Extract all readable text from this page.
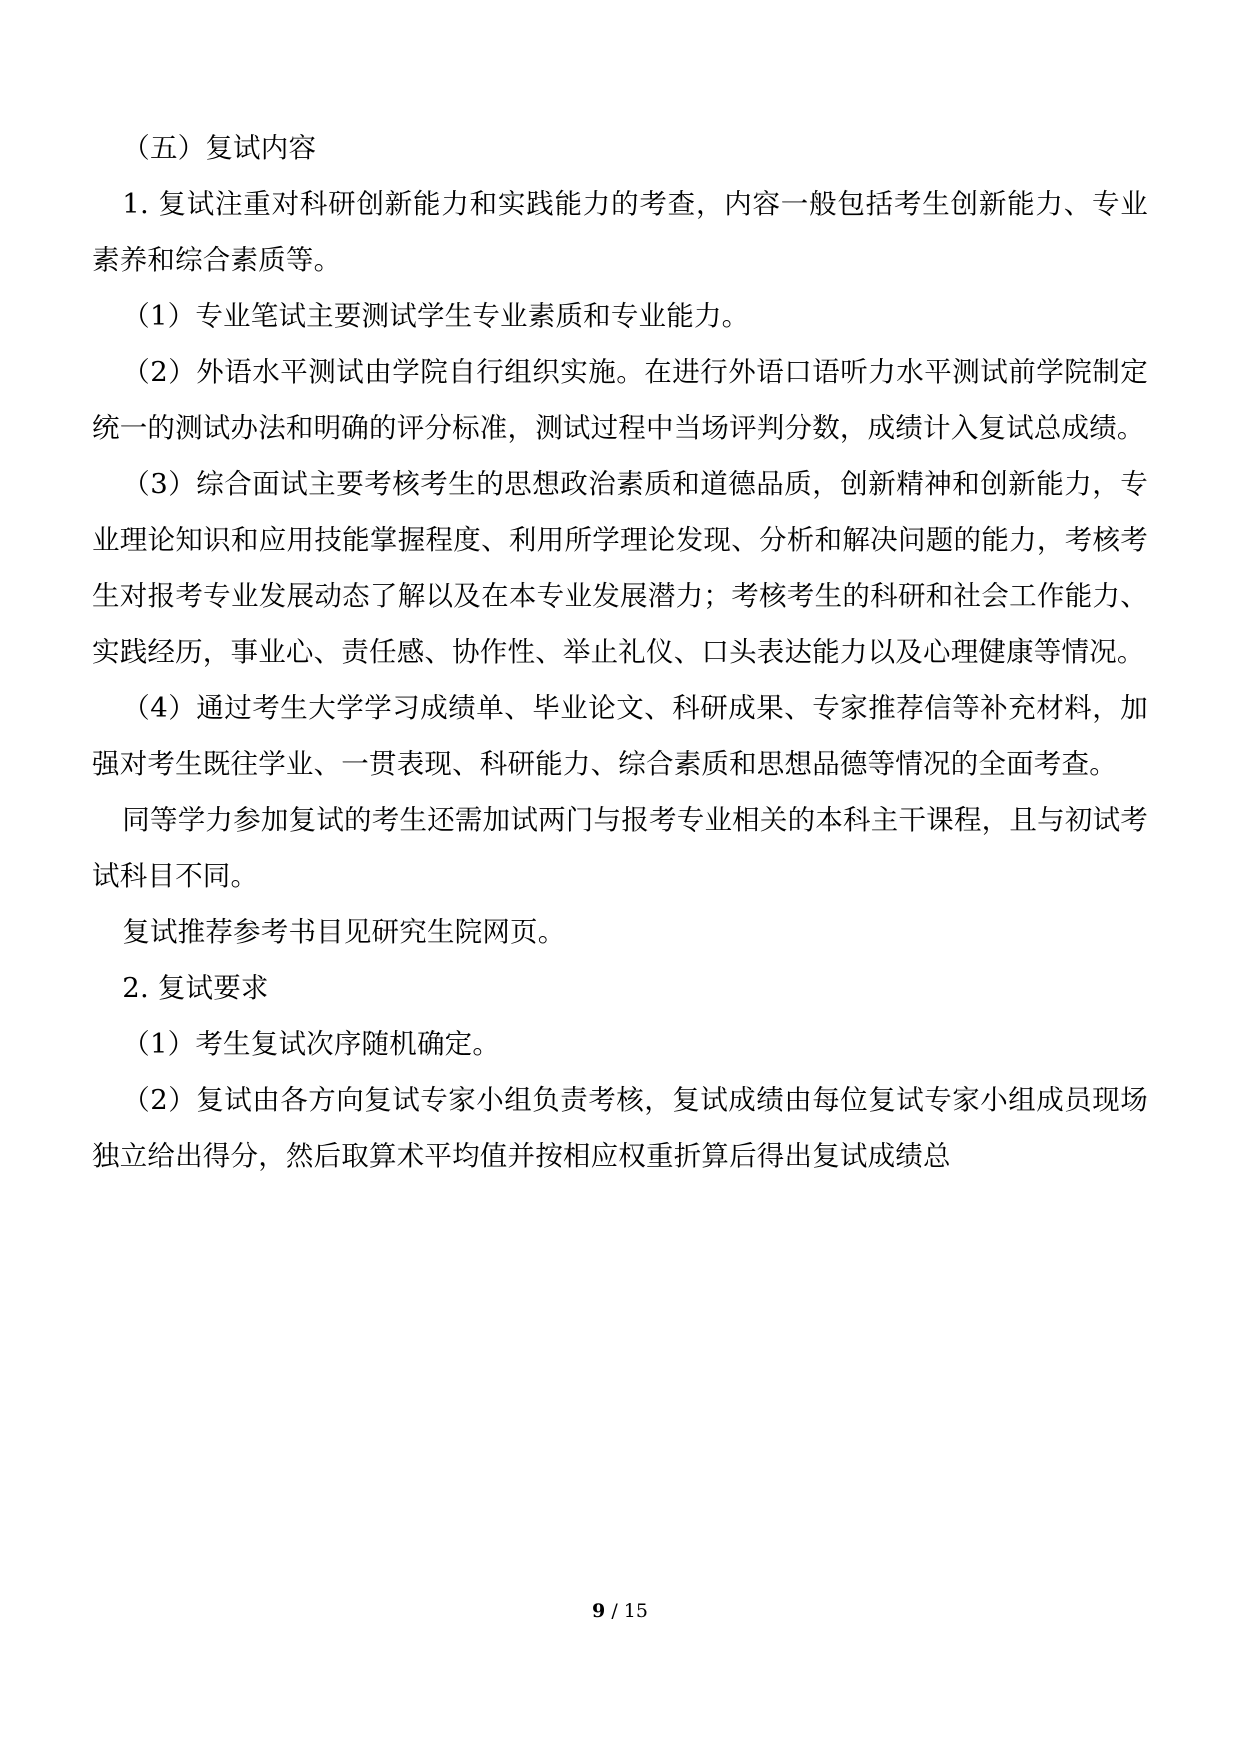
（五）复试内容

1. 复试注重对科研创新能力和实践能力的考查，内容一般包括考生创新能力、专业素养和综合素质等。

（1）专业笔试主要测试学生专业素质和专业能力。

（2）外语水平测试由学院自行组织实施。在进行外语口语听力水平测试前学院制定统一的测试办法和明确的评分标准，测试过程中当场评判分数，成绩计入复试总成绩。

（3）综合面试主要考核考生的思想政治素质和道德品质，创新精神和创新能力，专业理论知识和应用技能掌握程度、利用所学理论发现、分析和解决问题的能力，考核考生对报考专业发展动态了解以及在本专业发展潜力；考核考生的科研和社会工作能力、实践经历，事业心、责任感、协作性、举止礼仪、口头表达能力以及心理健康等情况。

（4）通过考生大学学习成绩单、毕业论文、科研成果、专家推荐信等补充材料，加强对考生既往学业、一贯表现、科研能力、综合素质和思想品德等情况的全面考查。

同等学力参加复试的考生还需加试两门与报考专业相关的本科主干课程，且与初试考试科目不同。

复试推荐参考书目见研究生院网页。

2. 复试要求

（1）考生复试次序随机确定。

（2）复试由各方向复试专家小组负责考核，复试成绩由每位复试专家小组成员现场独立给出得分，然后取算术平均值并按相应权重折算后得出复试成绩总

9 / 15
